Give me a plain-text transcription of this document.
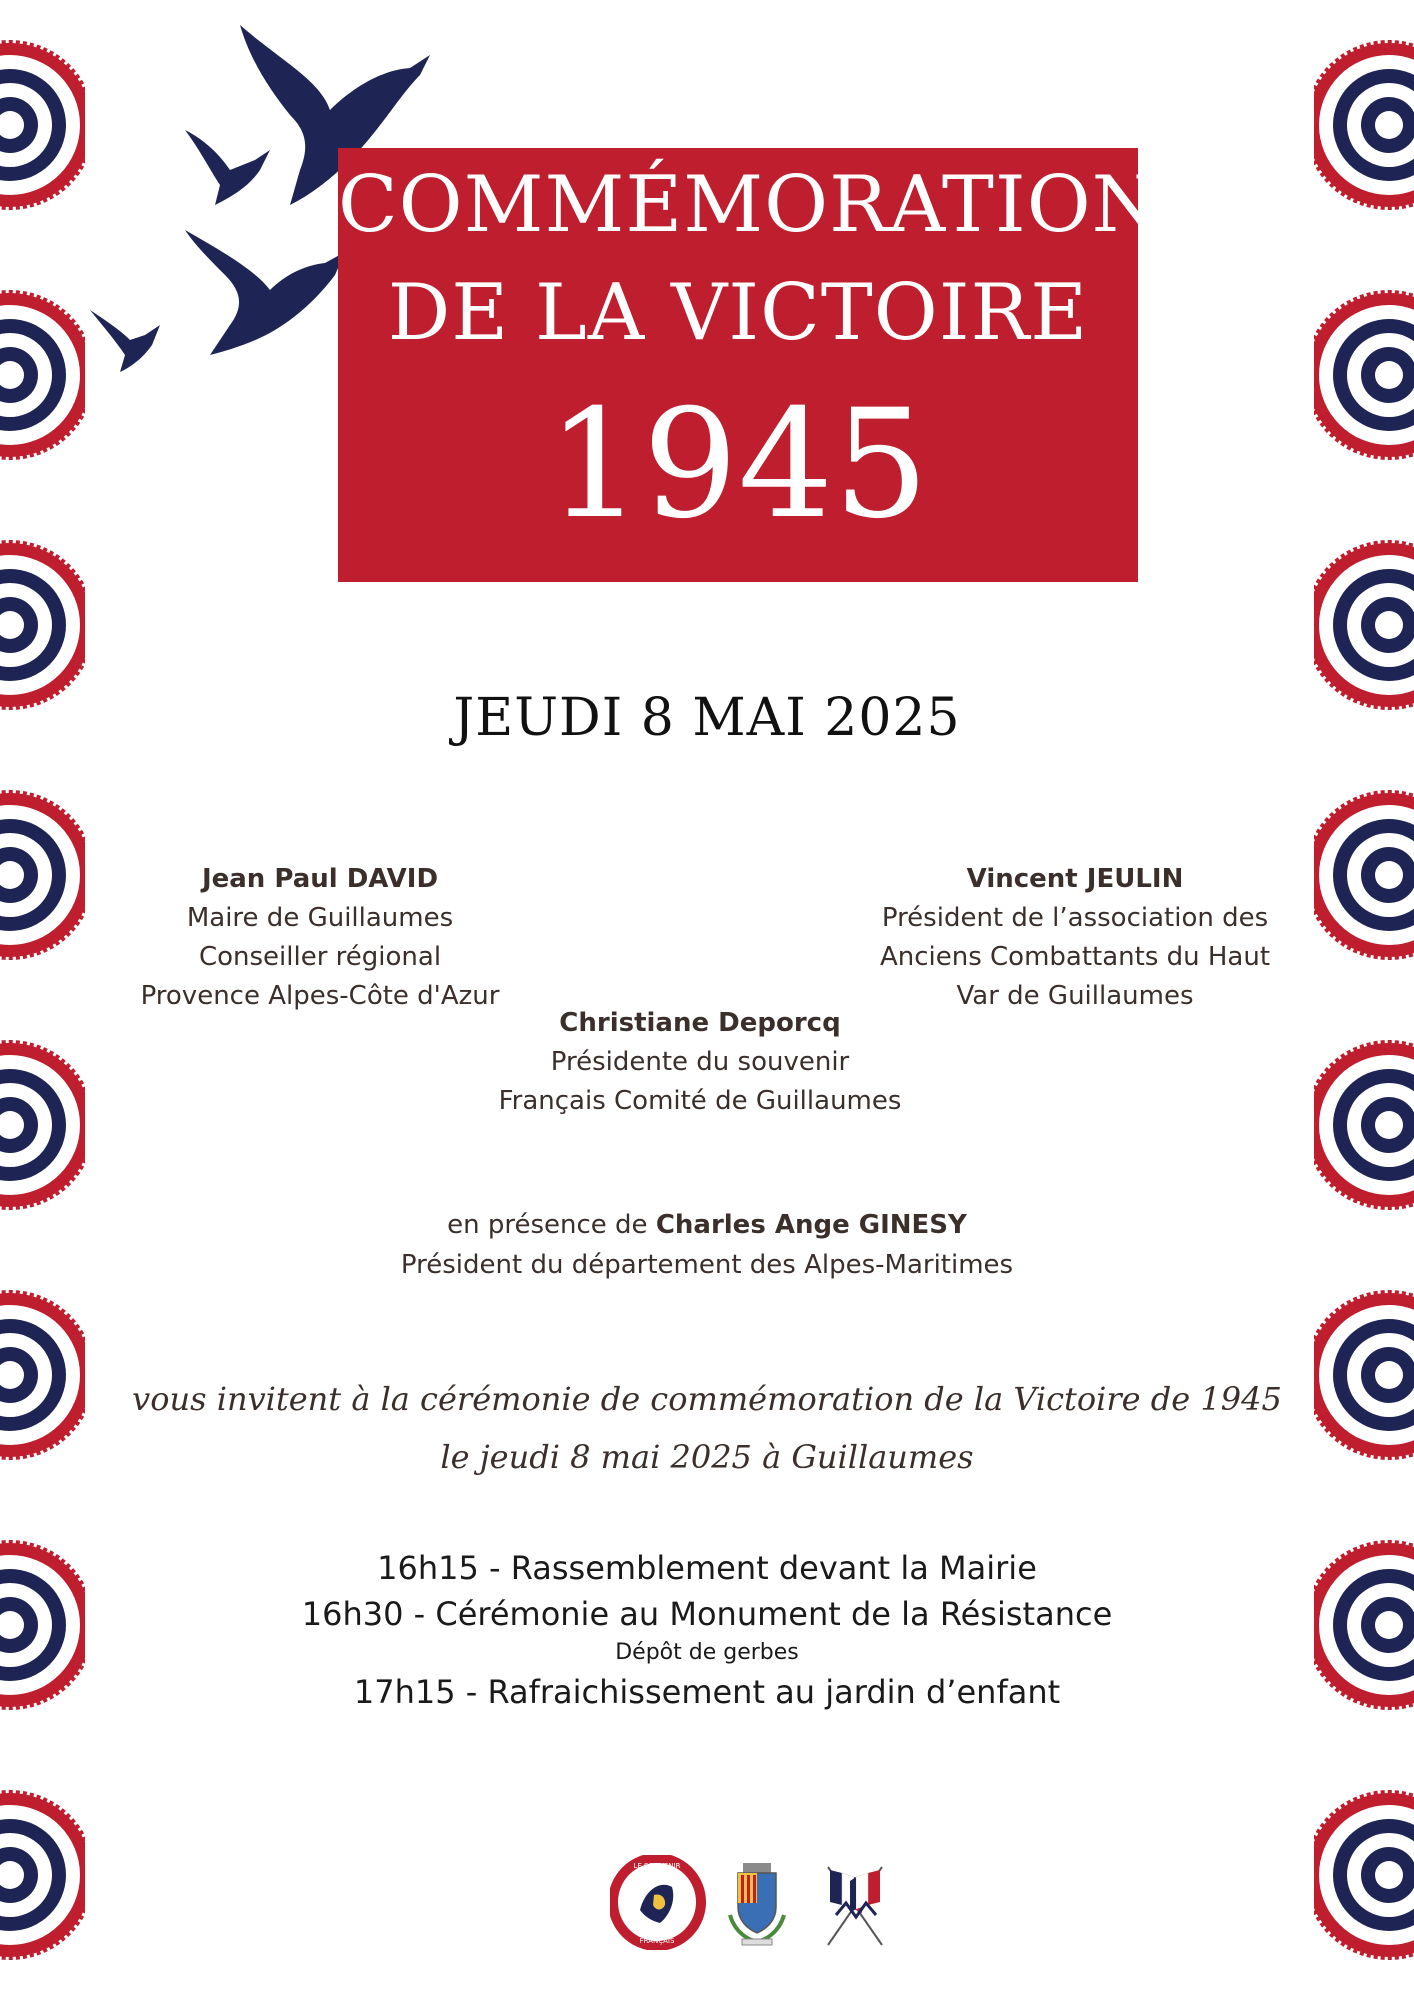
COMMÉMORATION
DE LA VICTOIRE
1945
JEUDI 8 MAI 2025
Jean Paul DAVID
Maire de Guillaumes
Conseiller régional
Provence Alpes-Côte d'Azur
Vincent JEULIN
Président de l’association des
Anciens Combattants du Haut
Var de Guillaumes
Christiane Deporcq
Présidente du souvenir
Français Comité de Guillaumes
en présence de Charles Ange GINESY
Président du département des Alpes-Maritimes
vous invitent à la cérémonie de commémoration de la Victoire de 1945
le jeudi 8 mai 2025 à Guillaumes
16h15 - Rassemblement devant la Mairie
16h30 - Cérémonie au Monument de la Résistance
Dépôt de gerbes
17h15 - Rafraichissement au jardin d’enfant
LE SOUVENIR
FRANÇAIS
